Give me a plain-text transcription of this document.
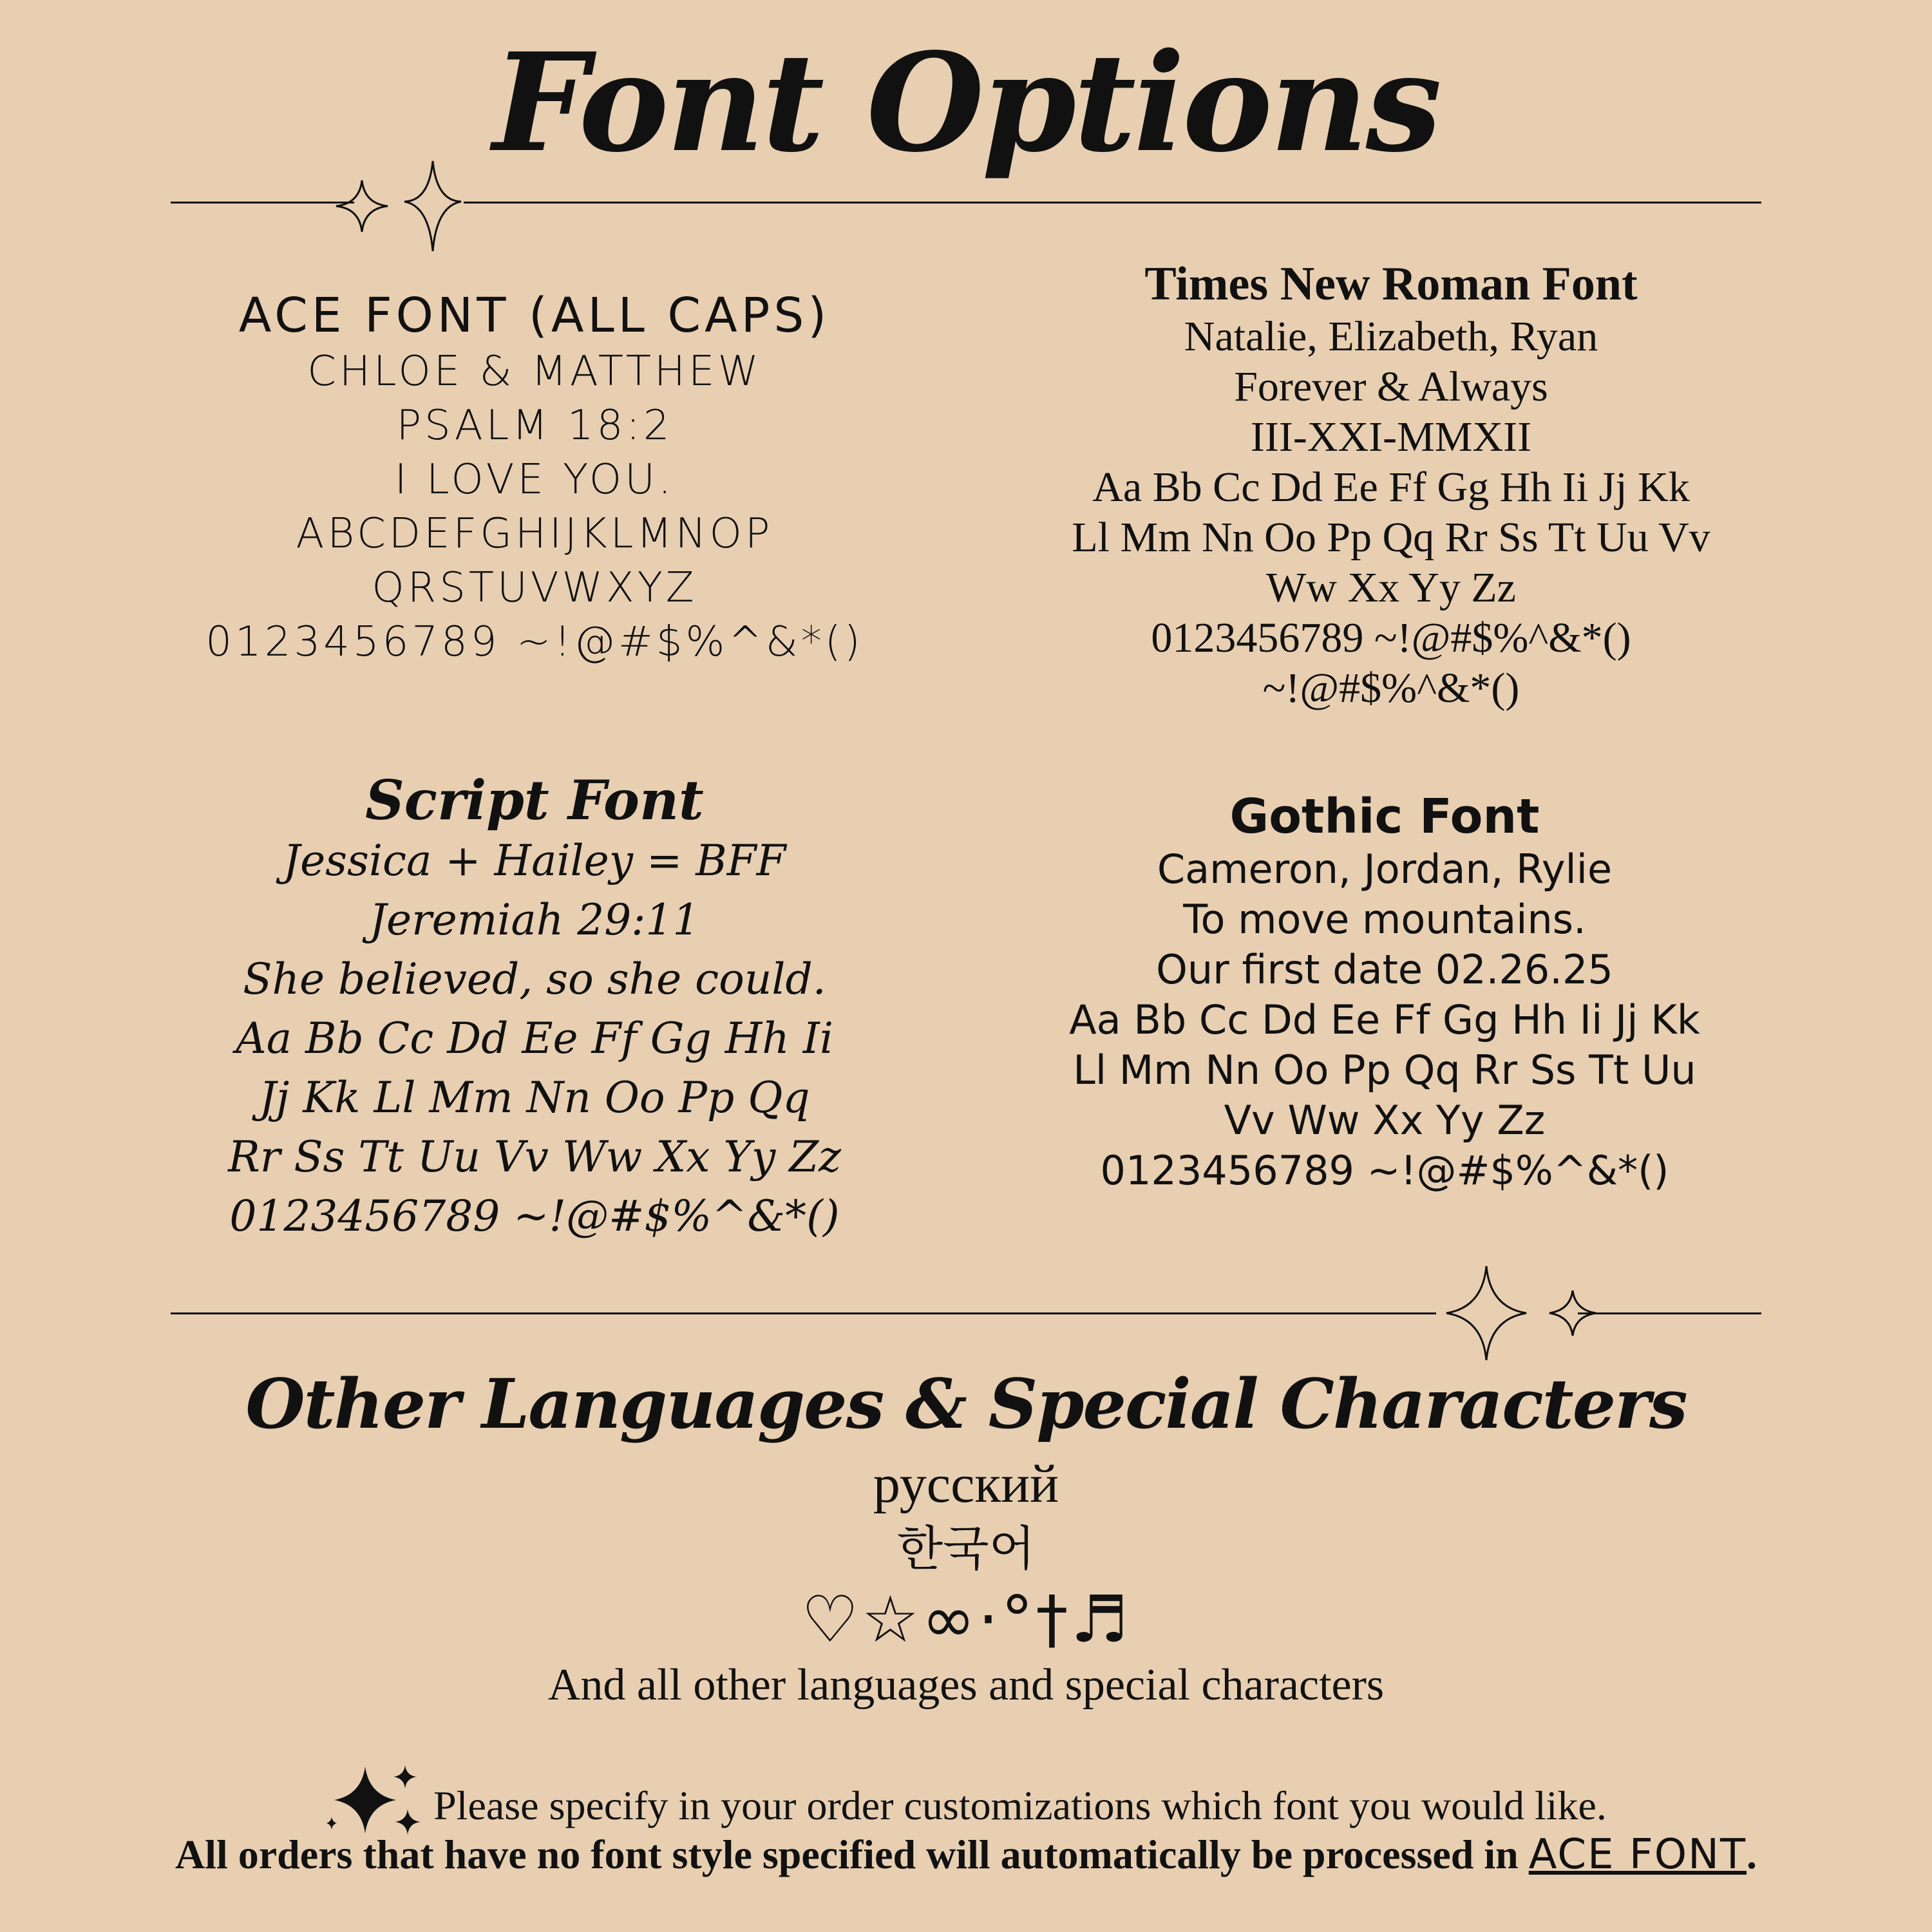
Font Options
ACE FONT (ALL CAPS)
CHLOE & MATTHEW
PSALM 18:2
I LOVE YOU.
ABCDEFGHIJKLMNOP
QRSTUVWXYZ
0123456789 ~!@#$%^&*()
Times New Roman Font
Natalie, Elizabeth, Ryan
Forever & Always
III-XXI-MMXII
Aa Bb Cc Dd Ee Ff Gg Hh Ii Jj Kk
Ll Mm Nn Oo Pp Qq Rr Ss Tt Uu Vv
Ww Xx Yy Zz
0123456789 ~!@#$%^&*()
~!@#$%^&*()
Script Font
Jessica + Hailey = BFF
Jeremiah 29:11
She believed, so she could.
Aa Bb Cc Dd Ee Ff Gg Hh Ii
Jj Kk Ll Mm Nn Oo Pp Qq
Rr Ss Tt Uu Vv Ww Xx Yy Zz
0123456789 ~!@#$%^&*()
Gothic Font
Cameron, Jordan, Rylie
To move mountains.
Our first date 02.26.25
Aa Bb Cc Dd Ee Ff Gg Hh Ii Jj Kk
Ll Mm Nn Oo Pp Qq Rr Ss Tt Uu
Vv Ww Xx Yy Zz
0123456789 ~!@#$%^&*()
Other Languages & Special Characters
русский
한국어
♡☆∞·°†♬
And all other languages and special characters
Please specify in your order customizations which font you would like.
All orders that have no font style specified will automatically be processed in ACE FONT.
